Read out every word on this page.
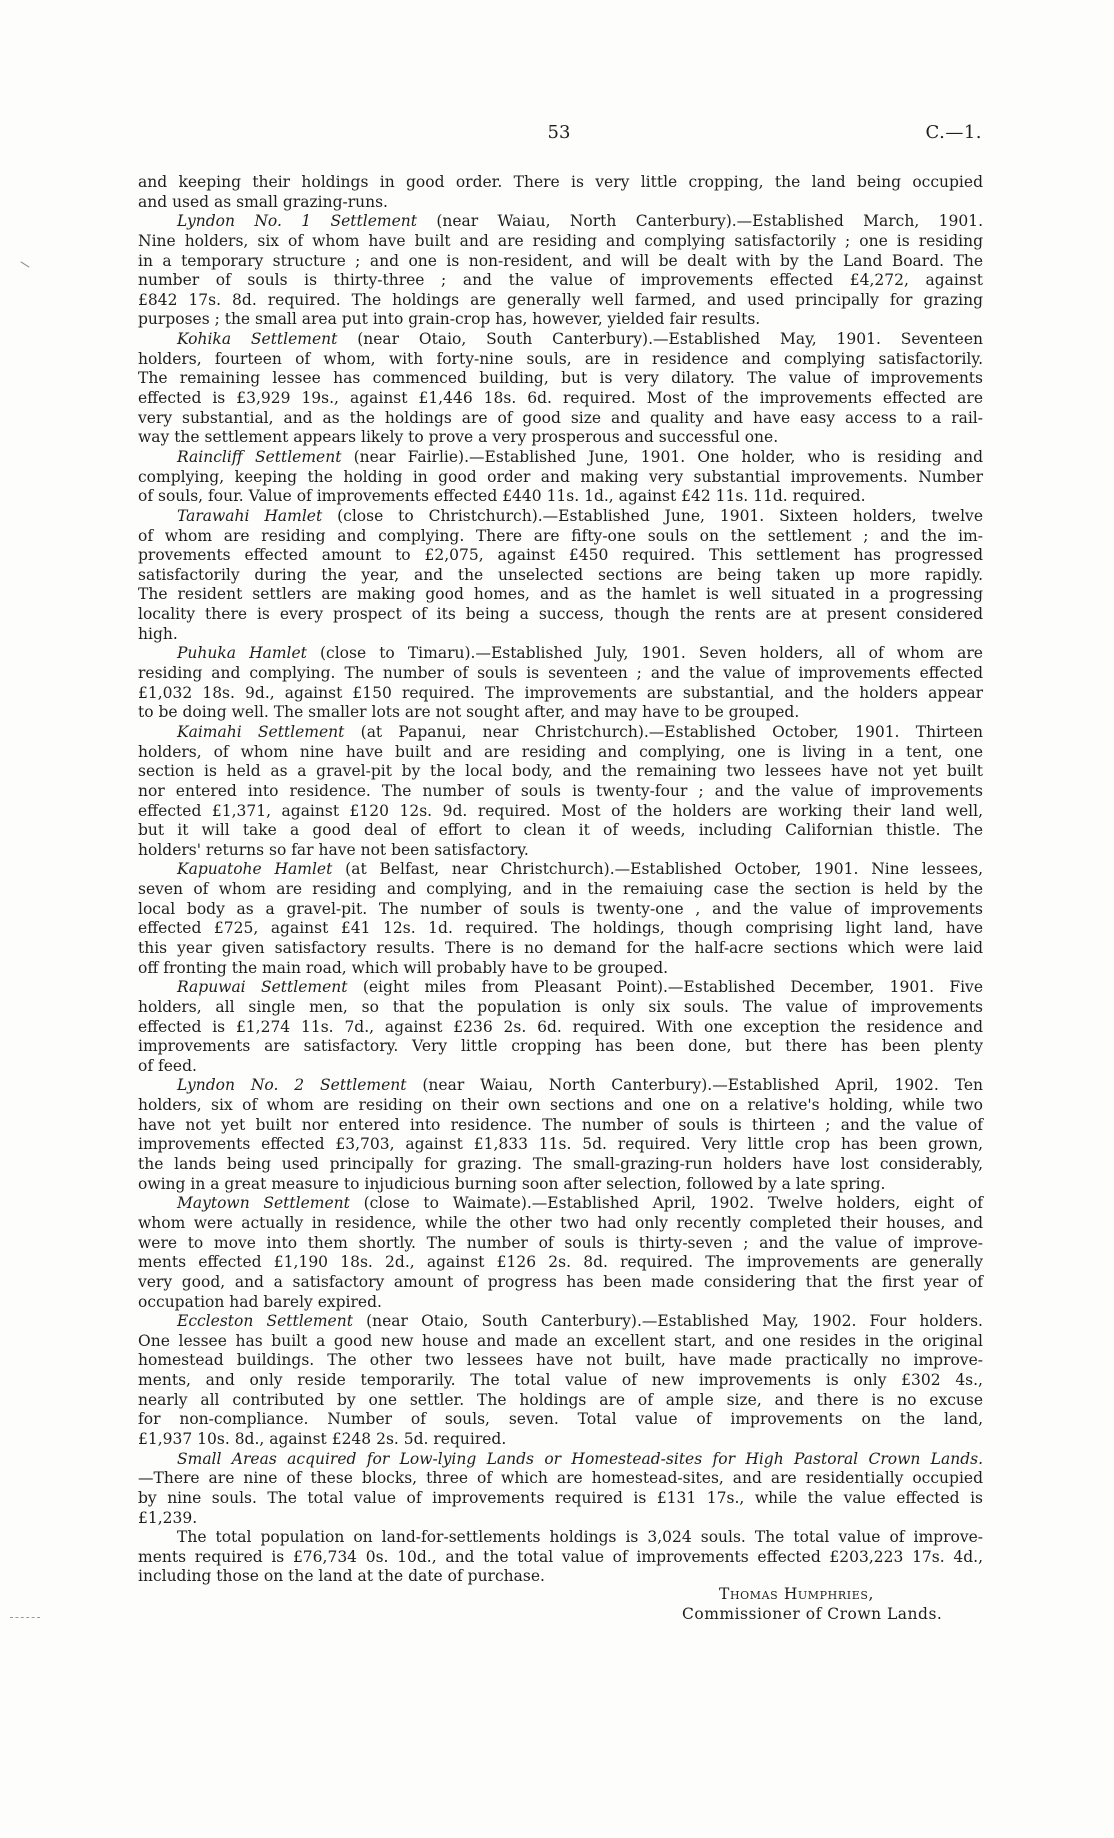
53	C.—1.
and keeping their holdings in good order. There is very little cropping, the land being occupied
and used as small grazing-runs.
Lyndon No. 1 Settlement (near Waiau, North Canterbury).—Established March, 1901.
Nine holders, six of whom have built and are residing and complying satisfactorily ; one is residing
in a temporary structure ; and one is non-resident, and will be dealt with by the Land Board. The
number of souls is thirty-three ; and the value of improvements effected £4,272, against
£842 17s. 8d. required. The holdings are generally well farmed, and used principally for grazing
purposes ; the small area put into grain-crop has, however, yielded fair results.
Kohika Settlement (near Otaio, South Canterbury).—Established May, 1901. Seventeen
holders, fourteen of whom, with forty-nine souls, are in residence and complying satisfactorily.
The remaining lessee has commenced building, but is very dilatory. The value of improvements
effected is £3,929 19s., against £1,446 18s. 6d. required. Most of the improvements effected are
very substantial, and as the holdings are of good size and quality and have easy access to a rail-
way the settlement appears likely to prove a very prosperous and successful one.
Raincliff Settlement (near Fairlie).—Established June, 1901. One holder, who is residing and
complying, keeping the holding in good order and making very substantial improvements. Number
of souls, four. Value of improvements effected £440 11s. 1d., against £42 11s. 11d. required.
Tarawahi Hamlet (close to Christchurch).—Established June, 1901. Sixteen holders, twelve
of whom are residing and complying. There are fifty-one souls on the settlement ; and the im-
provements effected amount to £2,075, against £450 required. This settlement has progressed
satisfactorily during the year, and the unselected sections are being taken up more rapidly.
The resident settlers are making good homes, and as the hamlet is well situated in a progressing
locality there is every prospect of its being a success, though the rents are at present considered
high.
Puhuka Hamlet (close to Timaru).—Established July, 1901. Seven holders, all of whom are
residing and complying. The number of souls is seventeen ; and the value of improvements effected
£1,032 18s. 9d., against £150 required. The improvements are substantial, and the holders appear
to be doing well. The smaller lots are not sought after, and may have to be grouped.
Kaimahi Settlement (at Papanui, near Christchurch).—Established October, 1901. Thirteen
holders, of whom nine have built and are residing and complying, one is living in a tent, one
section is held as a gravel-pit by the local body, and the remaining two lessees have not yet built
nor entered into residence. The number of souls is twenty-four ; and the value of improvements
effected £1,371, against £120 12s. 9d. required. Most of the holders are working their land well,
but it will take a good deal of effort to clean it of weeds, including Californian thistle. The
holders' returns so far have not been satisfactory.
Kapuatohe Hamlet (at Belfast, near Christchurch).—Established October, 1901. Nine lessees,
seven of whom are residing and complying, and in the remaiuing case the section is held by the
local body as a gravel-pit. The number of souls is twenty-one , and the value of improvements
effected £725, against £41 12s. 1d. required. The holdings, though comprising light land, have
this year given satisfactory results. There is no demand for the half-acre sections which were laid
off fronting the main road, which will probably have to be grouped.
Rapuwai Settlement (eight miles from Pleasant Point).—Established December, 1901. Five
holders, all single men, so that the population is only six souls. The value of improvements
effected is £1,274 11s. 7d., against £236 2s. 6d. required. With one exception the residence and
improvements are satisfactory. Very little cropping has been done, but there has been plenty
of feed.
Lyndon No. 2 Settlement (near Waiau, North Canterbury).—Established April, 1902. Ten
holders, six of whom are residing on their own sections and one on a relative's holding, while two
have not yet built nor entered into residence. The number of souls is thirteen ; and the value of
improvements effected £3,703, against £1,833 11s. 5d. required. Very little crop has been grown,
the lands being used principally for grazing. The small-grazing-run holders have lost considerably,
owing in a great measure to injudicious burning soon after selection, followed by a late spring.
Maytown Settlement (close to Waimate).—Established April, 1902. Twelve holders, eight of
whom were actually in residence, while the other two had only recently completed their houses, and
were to move into them shortly. The number of souls is thirty-seven ; and the value of improve-
ments effected £1,190 18s. 2d., against £126 2s. 8d. required. The improvements are generally
very good, and a satisfactory amount of progress has been made considering that the first year of
occupation had barely expired.
Eccleston Settlement (near Otaio, South Canterbury).—Established May, 1902. Four holders.
One lessee has built a good new house and made an excellent start, and one resides in the original
homestead buildings. The other two lessees have not built, have made practically no improve-
ments, and only reside temporarily. The total value of new improvements is only £302 4s.,
nearly all contributed by one settler. The holdings are of ample size, and there is no excuse
for non-compliance. Number of souls, seven. Total value of improvements on the land,
£1,937 10s. 8d., against £248 2s. 5d. required.
Small Areas acquired for Low-lying Lands or Homestead-sites for High Pastoral Crown Lands.
—There are nine of these blocks, three of which are homestead-sites, and are residentially occupied
by nine souls. The total value of improvements required is £131 17s., while the value effected is
£1,239.
The total population on land-for-settlements holdings is 3,024 souls. The total value of improve-
ments required is £76,734 0s. 10d., and the total value of improvements effected £203,223 17s. 4d.,
including those on the land at the date of purchase.
Thomas Humphries,
Commissioner of Crown Lands.
